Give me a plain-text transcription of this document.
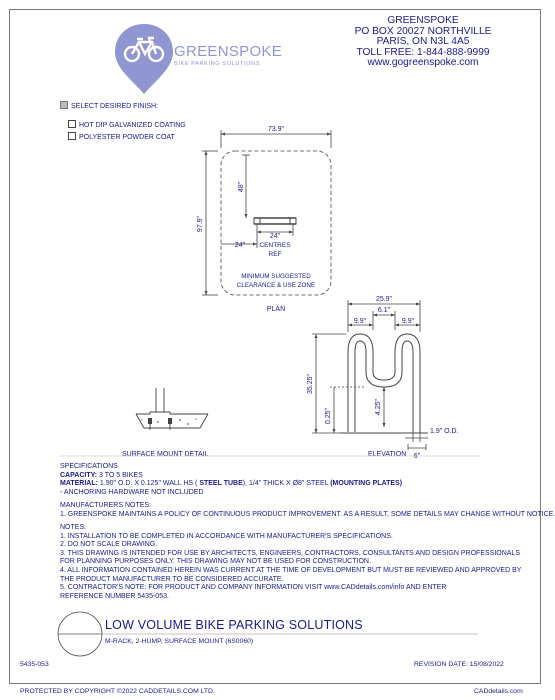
GREENSPOKE
BIKE PARKING SOLUTIONS
GREENSPOKE
PO BOX 20027 NORTHVILLE
PARIS, ON N3L 4A5
TOLL FREE: 1-844-888-9999
www.gogreenspoke.com
SELECT DESIRED FINISH:
HOT DIP GALVANIZED COATING
POLYESTER POWDER COAT
73.9"
97.9"
48"
24"
24"
CENTRES
REF
MINIMUM SUGGESTED
CLEARANCE & USE ZONE
PLAN
25.9"
6.1"
9.9"	9.9"
35.25"
0.25"
4.25"
1.9" O.D.
6"
ELEVATION
SURFACE MOUNT DETAIL
SPECIFICATIONS
CAPACITY: 3 TO 5 BIKES
MATERIAL: 1.90" O.D. X 0.125" WALL HS ( STEEL TUBE), 1/4" THICK X Ø8" STEEL (MOUNTING PLATES)
- ANCHORING HARDWARE NOT INCLUDED
MANUFACTURERS NOTES:
1. GREENSPOKE MAINTAINS A POLICY OF CONTINUOUS PRODUCT IMPROVEMENT. AS A RESULT, SOME DETAILS MAY CHANGE WITHOUT NOTICE.
NOTES:
1. INSTALLATION TO BE COMPLETED IN ACCORDANCE WITH MANUFACTURER'S SPECIFICATIONS.
2. DO NOT SCALE DRAWING.
3. THIS DRAWING IS INTENDED FOR USE BY ARCHITECTS, ENGINEERS, CONTRACTORS, CONSULTANTS AND DESIGN PROFESSIONALS
FOR PLANNING PURPOSES ONLY. THIS DRAWING MAY NOT BE USED FOR CONSTRUCTION.
4. ALL INFORMATION CONTAINED HEREIN WAS CURRENT AT THE TIME OF DEVELOPMENT BUT MUST BE REVIEWED AND APPROVED BY
THE PRODUCT MANUFACTURER TO BE CONSIDERED ACCURATE.
5. CONTRACTOR'S NOTE: FOR PRODUCT AND COMPANY INFORMATION VISIT www.CADdetails.com/info AND ENTER
REFERENCE NUMBER 5435-053.
LOW VOLUME BIKE PARKING SOLUTIONS
M-RACK, 2-HUMP, SURFACE MOUNT (6S0060)
5435-053	REVISION DATE: 15/08/2022
PROTECTED BY COPYRIGHT ©2022 CADDETAILS.COM LTD.	CADdetails.com
